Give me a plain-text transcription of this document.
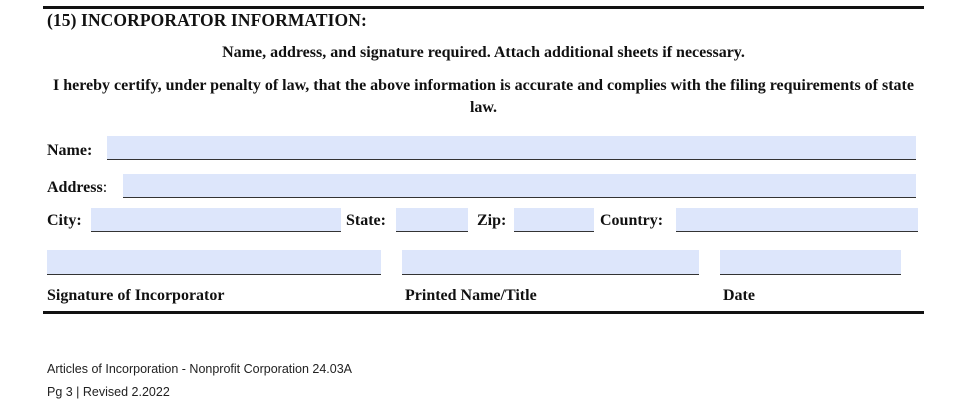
(15) INCORPORATOR INFORMATION:
Name, address, and signature required. Attach additional sheets if necessary.
I hereby certify, under penalty of law, that the above information is accurate and complies with the filing requirements of state law.
Name:
Address:
City:	State:	Zip:	Country:
Signature of Incorporator	Printed Name/Title	Date
Articles of Incorporation - Nonprofit Corporation 24.03A
Pg 3 | Revised 2.2022
